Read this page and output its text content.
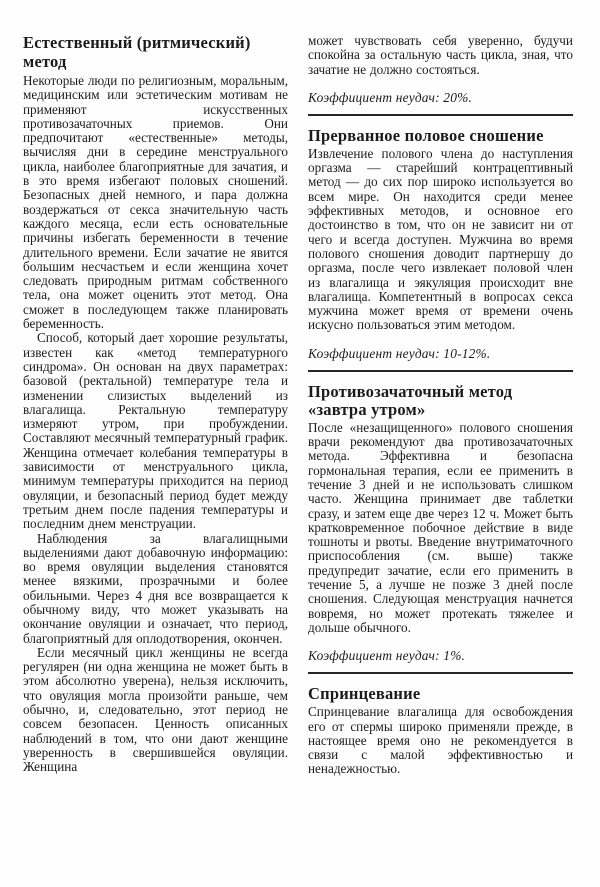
Естественный (ритмический) метод

Некоторые люди по религиозным, моральным, медицинским или эстетическим мотивам не применяют искусственных противозачаточных приемов. Они предпочитают «естественные» методы, вычисляя дни в середине менструального цикла, наиболее благоприятные для зачатия, и в это время избегают половых сношений. Безопасных дней немного, и пара должна воздержаться от секса значительную часть каждого месяца, если есть основательные причины избегать беременности в течение длительного времени. Если зачатие не явится большим несчастьем и если женщина хочет следовать природным ритмам собственного тела, она может оценить этот метод. Она сможет в последующем также планировать беременность.

Способ, который дает хорошие результаты, известен как «метод температурного синдрома». Он основан на двух параметрах: базовой (ректальной) температуре тела и изменении слизистых выделений из влагалища. Ректальную температуру измеряют утром, при пробуждении. Составляют месячный температурный график. Женщина отмечает колебания температуры в зависимости от менструального цикла, минимум температуры приходится на период овуляции, и безопасный период будет между третьим днем после падения температуры и последним днем менструации.

Наблюдения за влагалищными выделениями дают добавочную информацию: во время овуляции выделения становятся менее вязкими, прозрачными и более обильными. Через 4 дня все возвращается к обычному виду, что может указывать на окончание овуляции и означает, что период, благоприятный для оплодотворения, окончен.

Если месячный цикл женщины не всегда регулярен (ни одна женщина не может быть в этом абсолютно уверена), нельзя исключить, что овуляция могла произойти раньше, чем обычно, и, следовательно, этот период не совсем безопасен. Ценность описанных наблюдений в том, что они дают женщине уверенность в свершившейся овуляции. Женщина

может чувствовать себя уверенно, будучи спокойна за остальную часть цикла, зная, что зачатие не должно состояться.

Коэффициент неудач: 20%.

Прерванное половое сношение

Извлечение полового члена до наступления оргазма — старейший контрацептивный метод — до сих пор широко используется во всем мире. Он находится среди менее эффективных методов, и основное его достоинство в том, что он не зависит ни от чего и всегда доступен. Мужчина во время полового сношения доводит партнершу до оргазма, после чего извлекает половой член из влагалища и эякуляция происходит вне влагалища. Компетентный в вопросах секса мужчина может время от времени очень искусно пользоваться этим методом.

Коэффициент неудач: 10-12%.

Противозачаточный метод «завтра утром»

После «незащищенного» полового сношения врачи рекомендуют два противозачаточных метода. Эффективна и безопасна гормональная терапия, если ее применить в течение 3 дней и не использовать слишком часто. Женщина принимает две таблетки сразу, и затем еще две через 12 ч. Может быть кратковременное побочное действие в виде тошноты и рвоты. Введение внутриматочного приспособления (см. выше) также предупредит зачатие, если его применить в течение 5, а лучше не позже 3 дней после сношения. Следующая менструация начнется вовремя, но может протекать тяжелее и дольше обычного.

Коэффициент неудач: 1%.

Спринцевание

Спринцевание влагалища для освобождения его от спермы широко применяли прежде, в настоящее время оно не рекомендуется в связи с малой эффективностью и ненадежностью.
